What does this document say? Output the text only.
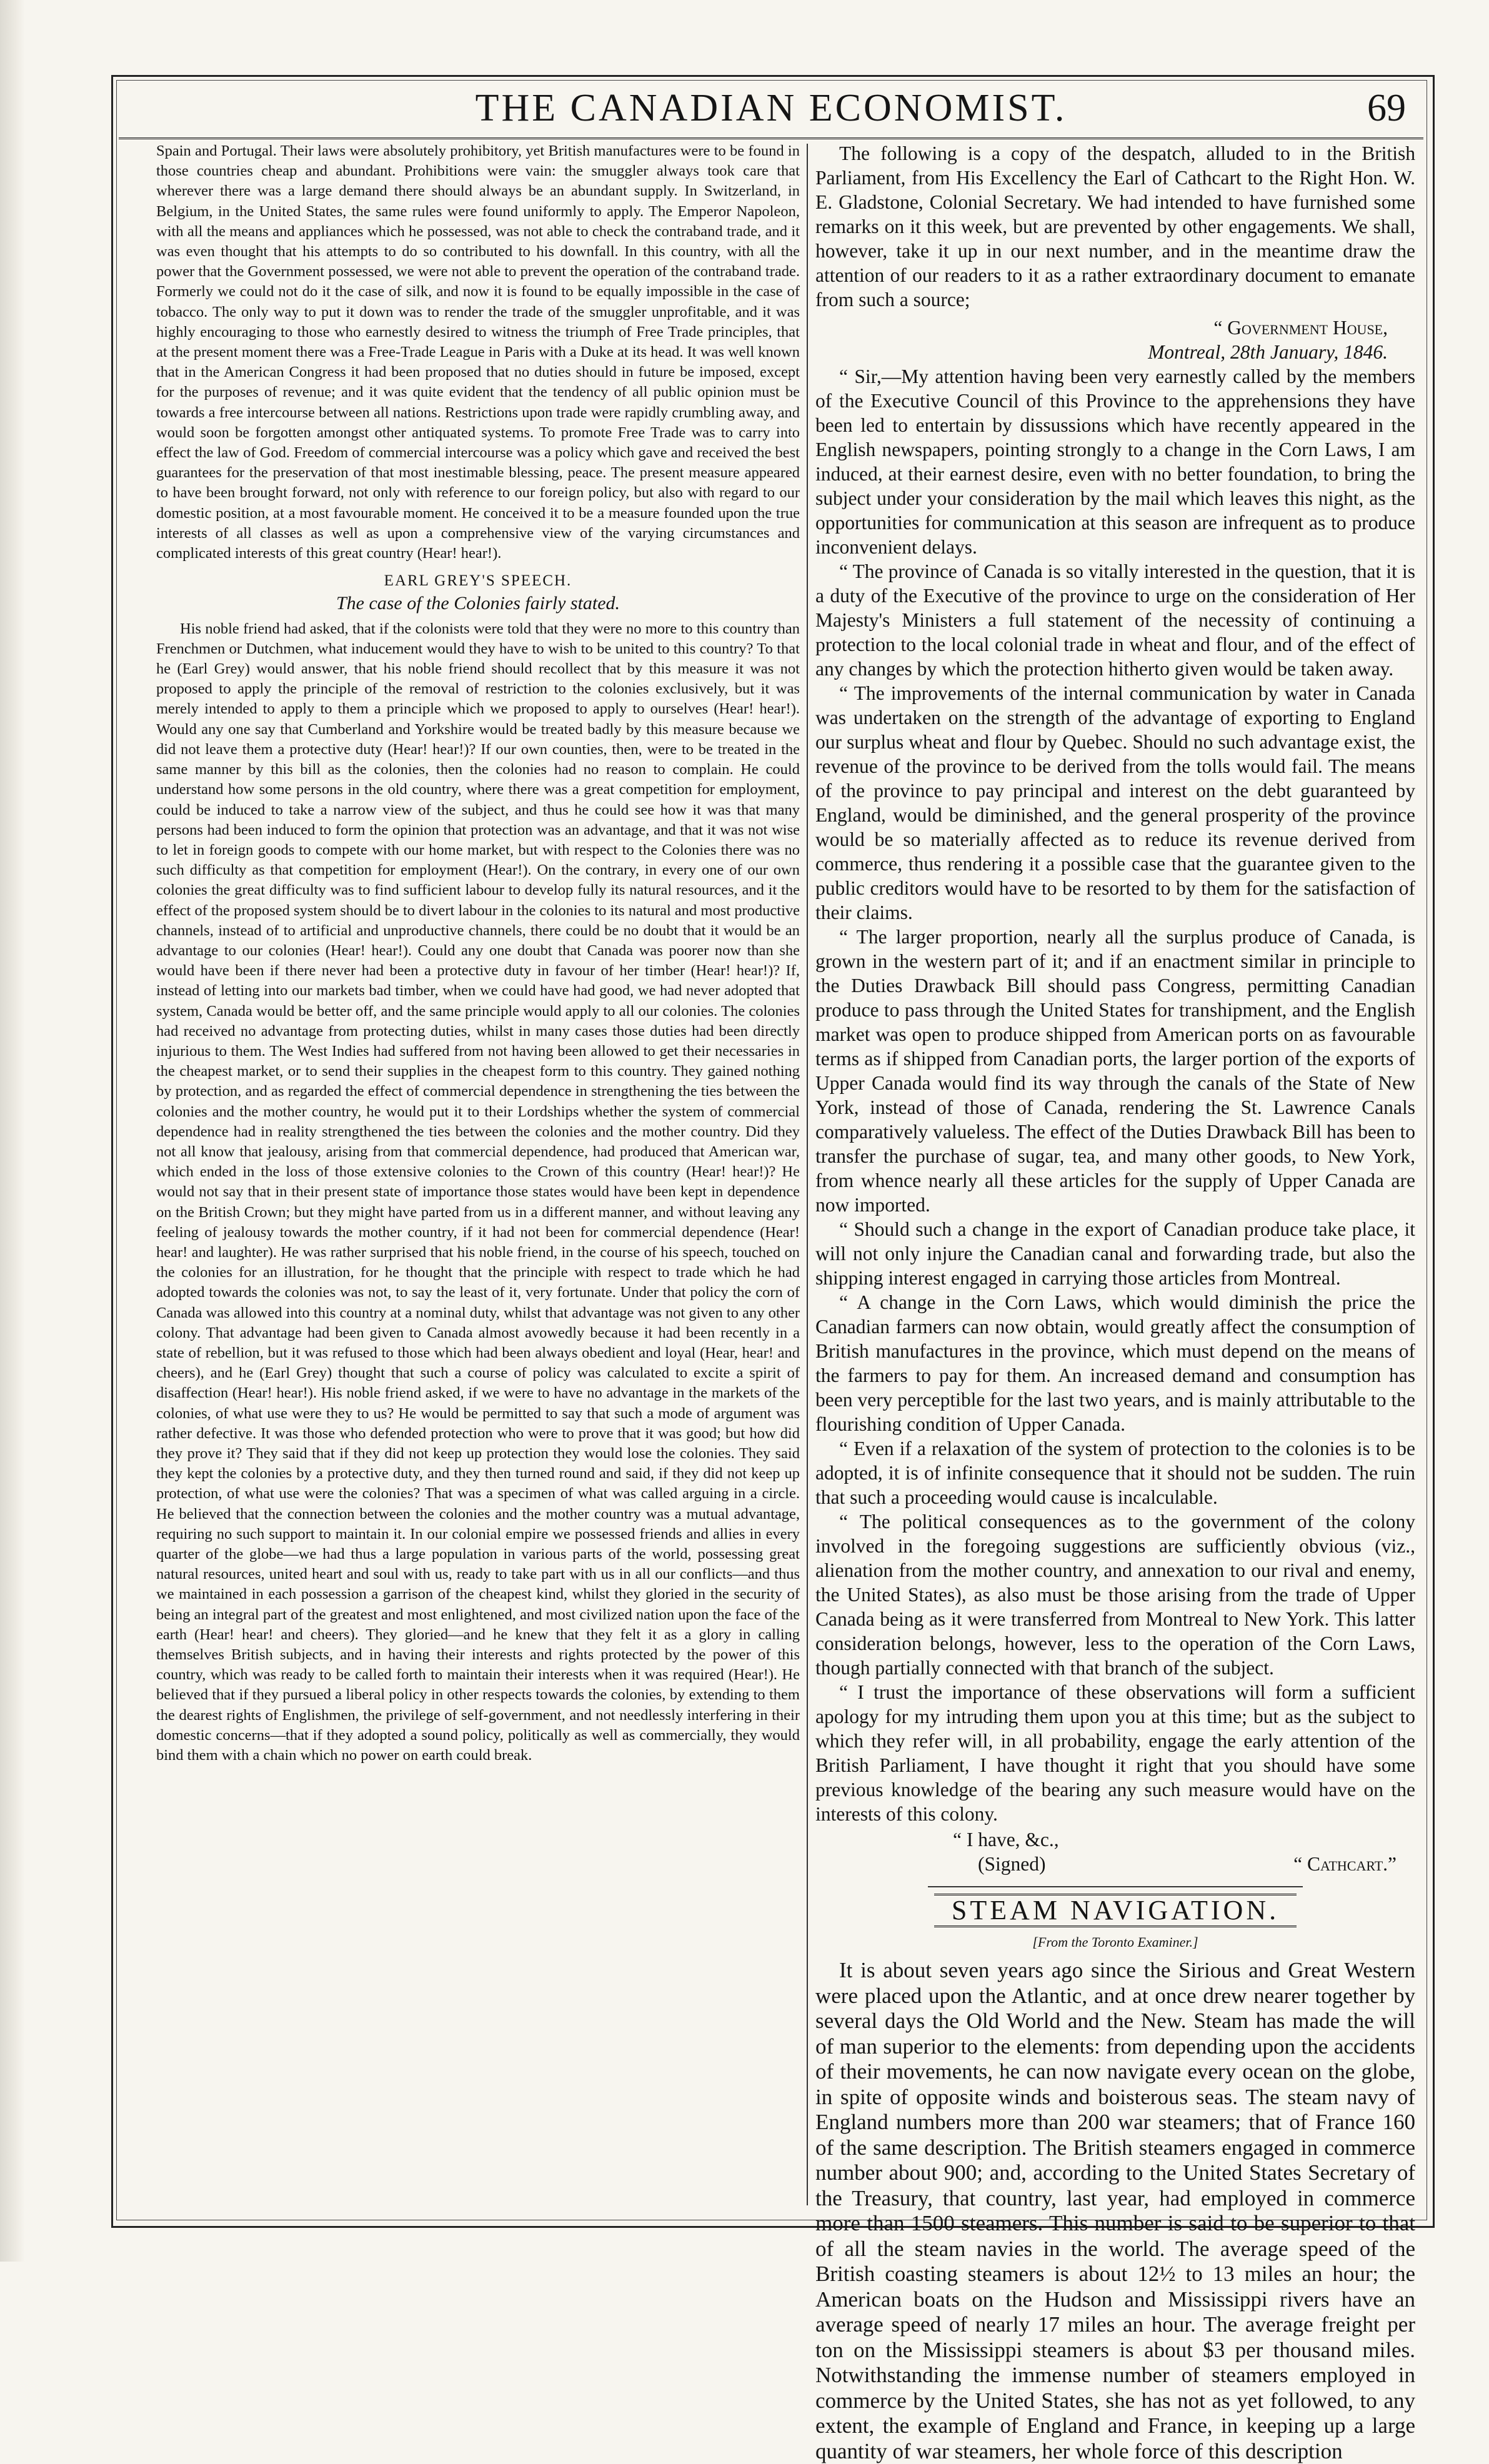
THE CANADIAN ECONOMIST.	69

Spain and Portugal. Their laws were absolutely prohibitory, yet British manufactures were to be found in those countries cheap and abundant. Prohibitions were vain: the smuggler always took care that wherever there was a large demand there should always be an abundant supply. In Switzerland, in Belgium, in the United States, the same rules were found uniformly to apply. The Emperor Napoleon, with all the means and appliances which he possessed, was not able to check the contraband trade, and it was even thought that his attempts to do so contributed to his downfall. In this country, with all the power that the Government possessed, we were not able to prevent the operation of the contraband trade. Formerly we could not do it the case of silk, and now it is found to be equally impossible in the case of tobacco. The only way to put it down was to render the trade of the smuggler unprofitable, and it was highly encouraging to those who earnestly desired to witness the triumph of Free Trade principles, that at the present moment there was a Free-Trade League in Paris with a Duke at its head. It was well known that in the American Congress it had been proposed that no duties should in future be imposed, except for the purposes of revenue; and it was quite evident that the tendency of all public opinion must be towards a free intercourse between all nations. Restrictions upon trade were rapidly crumbling away, and would soon be forgotten amongst other antiquated systems. To promote Free Trade was to carry into effect the law of God. Freedom of commercial intercourse was a policy which gave and received the best guarantees for the preservation of that most inestimable blessing, peace. The present measure appeared to have been brought forward, not only with reference to our foreign policy, but also with regard to our domestic position, at a most favourable moment. He conceived it to be a measure founded upon the true interests of all classes as well as upon a comprehensive view of the varying circumstances and complicated interests of this great country (Hear! hear!).

EARL GREY'S SPEECH.
The case of the Colonies fairly stated.

His noble friend had asked, that if the colonists were told that they were no more to this country than Frenchmen or Dutchmen, what inducement would they have to wish to be united to this country? To that he (Earl Grey) would answer, that his noble friend should recollect that by this measure it was not proposed to apply the principle of the removal of restriction to the colonies exclusively, but it was merely intended to apply to them a principle which we proposed to apply to ourselves (Hear! hear!). Would any one say that Cumberland and Yorkshire would be treated badly by this measure because we did not leave them a protective duty (Hear! hear!)? If our own counties, then, were to be treated in the same manner by this bill as the colonies, then the colonies had no reason to complain. He could understand how some persons in the old country, where there was a great competition for employment, could be induced to take a narrow view of the subject, and thus he could see how it was that many persons had been induced to form the opinion that protection was an advantage, and that it was not wise to let in foreign goods to compete with our home market, but with respect to the Colonies there was no such difficulty as that competition for employment (Hear!). On the contrary, in every one of our own colonies the great difficulty was to find sufficient labour to develop fully its natural resources, and it the effect of the proposed system should be to divert labour in the colonies to its natural and most productive channels, instead of to artificial and unproductive channels, there could be no doubt that it would be an advantage to our colonies (Hear! hear!). Could any one doubt that Canada was poorer now than she would have been if there never had been a protective duty in favour of her timber (Hear! hear!)? If, instead of letting into our markets bad timber, when we could have had good, we had never adopted that system, Canada would be better off, and the same principle would apply to all our colonies. The colonies had received no advantage from protecting duties, whilst in many cases those duties had been directly injurious to them. The West Indies had suffered from not having been allowed to get their necessaries in the cheapest market, or to send their supplies in the cheapest form to this country. They gained nothing by protection, and as regarded the effect of commercial dependence in strengthening the ties between the colonies and the mother country, he would put it to their Lordships whether the system of commercial dependence had in reality strengthened the ties between the colonies and the mother country. Did they not all know that jealousy, arising from that commercial dependence, had produced that American war, which ended in the loss of those extensive colonies to the Crown of this country (Hear! hear!)? He would not say that in their present state of importance those states would have been kept in dependence on the British Crown; but they might have parted from us in a different manner, and without leaving any feeling of jealousy towards the mother country, if it had not been for commercial dependence (Hear! hear! and laughter). He was rather surprised that his noble friend, in the course of his speech, touched on the colonies for an illustration, for he thought that the principle with respect to trade which he had adopted towards the colonies was not, to say the least of it, very fortunate. Under that policy the corn of Canada was allowed into this country at a nominal duty, whilst that advantage was not given to any other colony. That advantage had been given to Canada almost avowedly because it had been recently in a state of rebellion, but it was refused to those which had been always obedient and loyal (Hear, hear! and cheers), and he (Earl Grey) thought that such a course of policy was calculated to excite a spirit of disaffection (Hear! hear!). His noble friend asked, if we were to have no advantage in the markets of the colonies, of what use were they to us? He would be permitted to say that such a mode of argument was rather defective. It was those who defended protection who were to prove that it was good; but how did they prove it? They said that if they did not keep up protection they would lose the colonies. They said they kept the colonies by a protective duty, and they then turned round and said, if they did not keep up protection, of what use were the colonies? That was a specimen of what was called arguing in a circle. He believed that the connection between the colonies and the mother country was a mutual advantage, requiring no such support to maintain it. In our colonial empire we possessed friends and allies in every quarter of the globe—we had thus a large population in various parts of the world, possessing great natural resources, united heart and soul with us, ready to take part with us in all our conflicts—and thus we maintained in each possession a garrison of the cheapest kind, whilst they gloried in the security of being an integral part of the greatest and most enlightened, and most civilized nation upon the face of the earth (Hear! hear! and cheers). They gloried—and he knew that they felt it as a glory in calling themselves British subjects, and in having their interests and rights protected by the power of this country, which was ready to be called forth to maintain their interests when it was required (Hear!). He believed that if they pursued a liberal policy in other respects towards the colonies, by extending to them the dearest rights of Englishmen, the privilege of self-government, and not needlessly interfering in their domestic concerns—that if they adopted a sound policy, politically as well as commercially, they would bind them with a chain which no power on earth could break.

The following is a copy of the despatch, alluded to in the British Parliament, from His Excellency the Earl of Cathcart to the Right Hon. W. E. Gladstone, Colonial Secretary. We had intended to have furnished some remarks on it this week, but are prevented by other engagements. We shall, however, take it up in our next number, and in the meantime draw the attention of our readers to it as a rather extraordinary document to emanate from such a source;

“ Government House,
Montreal, 28th January, 1846.

“ Sir,—My attention having been very earnestly called by the members of the Executive Council of this Province to the apprehensions they have been led to entertain by dissussions which have recently appeared in the English newspapers, pointing strongly to a change in the Corn Laws, I am induced, at their earnest desire, even with no better foundation, to bring the subject under your consideration by the mail which leaves this night, as the opportunities for communication at this season are infrequent as to produce inconvenient delays.

“ The province of Canada is so vitally interested in the question, that it is a duty of the Executive of the province to urge on the consideration of Her Majesty's Ministers a full statement of the necessity of continuing a protection to the local colonial trade in wheat and flour, and of the effect of any changes by which the protection hitherto given would be taken away.

“ The improvements of the internal communication by water in Canada was undertaken on the strength of the advantage of exporting to England our surplus wheat and flour by Quebec. Should no such advantage exist, the revenue of the province to be derived from the tolls would fail. The means of the province to pay principal and interest on the debt guaranteed by England, would be diminished, and the general prosperity of the province would be so materially affected as to reduce its revenue derived from commerce, thus rendering it a possible case that the guarantee given to the public creditors would have to be resorted to by them for the satisfaction of their claims.

“ The larger proportion, nearly all the surplus produce of Canada, is grown in the western part of it; and if an enactment similar in principle to the Duties Drawback Bill should pass Congress, permitting Canadian produce to pass through the United States for transhipment, and the English market was open to produce shipped from American ports on as favourable terms as if shipped from Canadian ports, the larger portion of the exports of Upper Canada would find its way through the canals of the State of New York, instead of those of Canada, rendering the St. Lawrence Canals comparatively valueless. The effect of the Duties Drawback Bill has been to transfer the purchase of sugar, tea, and many other goods, to New York, from whence nearly all these articles for the supply of Upper Canada are now imported.

“ Should such a change in the export of Canadian produce take place, it will not only injure the Canadian canal and forwarding trade, but also the shipping interest engaged in carrying those articles from Montreal.

“ A change in the Corn Laws, which would diminish the price the Canadian farmers can now obtain, would greatly affect the consumption of British manufactures in the province, which must depend on the means of the farmers to pay for them. An increased demand and consumption has been very perceptible for the last two years, and is mainly attributable to the flourishing condition of Upper Canada.

“ Even if a relaxation of the system of protection to the colonies is to be adopted, it is of infinite consequence that it should not be sudden. The ruin that such a proceeding would cause is incalculable.

“ The political consequences as to the government of the colony involved in the foregoing suggestions are sufficiently obvious (viz., alienation from the mother country, and annexation to our rival and enemy, the United States), as also must be those arising from the trade of Upper Canada being as it were transferred from Montreal to New York. This latter consideration belongs, however, less to the operation of the Corn Laws, though partially connected with that branch of the subject.

“ I trust the importance of these observations will form a sufficient apology for my intruding them upon you at this time; but as the subject to which they refer will, in all probability, engage the early attention of the British Parliament, I have thought it right that you should have some previous knowledge of the bearing any such measure would have on the interests of this colony.

“ I have, &c.,
(Signed)	“ Cathcart.”
STEAM NAVIGATION.
[From the Toronto Examiner.]

It is about seven years ago since the Sirious and Great Western were placed upon the Atlantic, and at once drew nearer together by several days the Old World and the New. Steam has made the will of man superior to the elements: from depending upon the accidents of their movements, he can now navigate every ocean on the globe, in spite of opposite winds and boisterous seas. The steam navy of England numbers more than 200 war steamers; that of France 160 of the same description. The British steamers engaged in commerce number about 900; and, according to the United States Secretary of the Treasury, that country, last year, had employed in commerce more than 1500 steamers. This number is said to be superior to that of all the steam navies in the world. The average speed of the British coasting steamers is about 12½ to 13 miles an hour; the American boats on the Hudson and Mississippi rivers have an average speed of nearly 17 miles an hour. The average freight per ton on the Mississippi steamers is about $3 per thousand miles. Notwithstanding the immense number of steamers employed in commerce by the United States, she has not as yet followed, to any extent, the example of England and France, in keeping up a large quantity of war steamers, her whole force of this description
